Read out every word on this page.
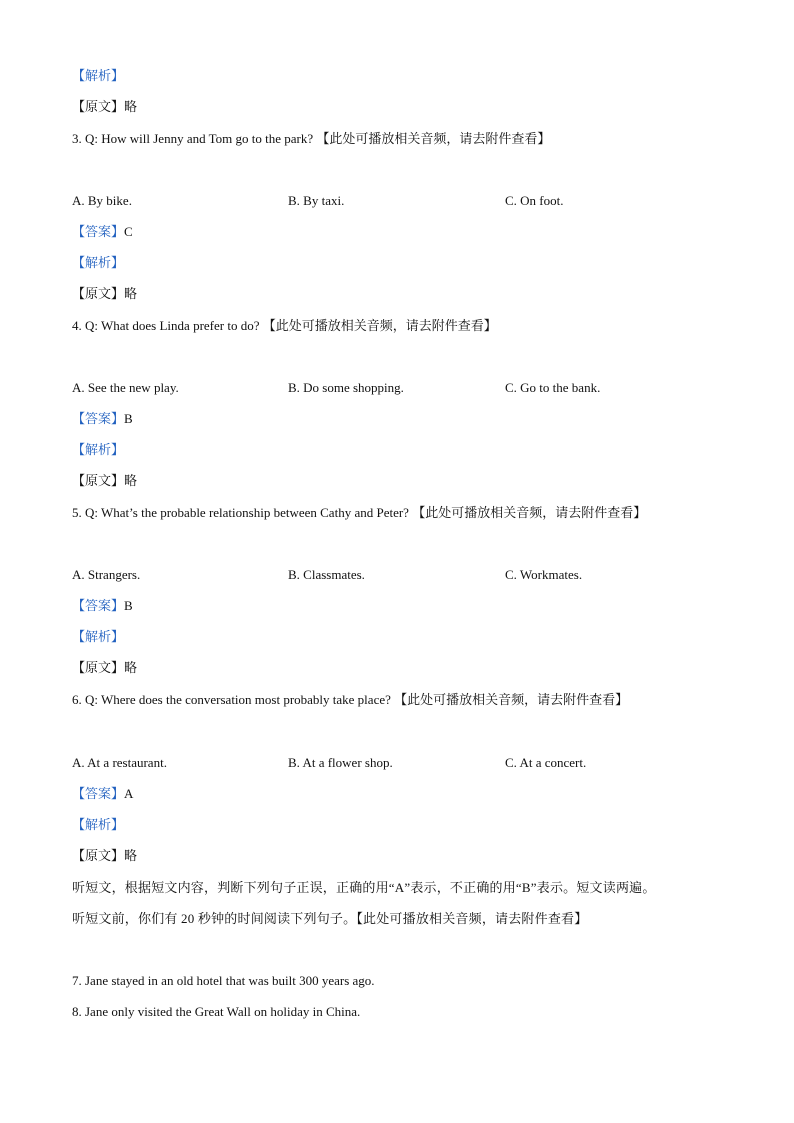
【解析】
【原文】略
3. Q: How will Jenny and Tom go to the park? 【此处可播放相关音频，请去附件查看】
A. By bike.	B. By taxi.	C. On foot.
【答案】C
【解析】
【原文】略
4. Q: What does Linda prefer to do? 【此处可播放相关音频，请去附件查看】
A. See the new play.	B. Do some shopping.	C. Go to the bank.
【答案】B
【解析】
【原文】略
5. Q: What’s the probable relationship between Cathy and Peter? 【此处可播放相关音频，请去附件查看】
A. Strangers.	B. Classmates.	C. Workmates.
【答案】B
【解析】
【原文】略
6. Q: Where does the conversation most probably take place? 【此处可播放相关音频，请去附件查看】
A. At a restaurant.	B. At a flower shop.	C. At a concert.
【答案】A
【解析】
【原文】略
听短文，根据短文内容，判断下列句子正误，正确的用“A”表示，不正确的用“B”表示。短文读两遍。
听短文前，你们有 20 秒钟的时间阅读下列句子。【此处可播放相关音频，请去附件查看】
7. Jane stayed in an old hotel that was built 300 years ago.
8. Jane only visited the Great Wall on holiday in China.
